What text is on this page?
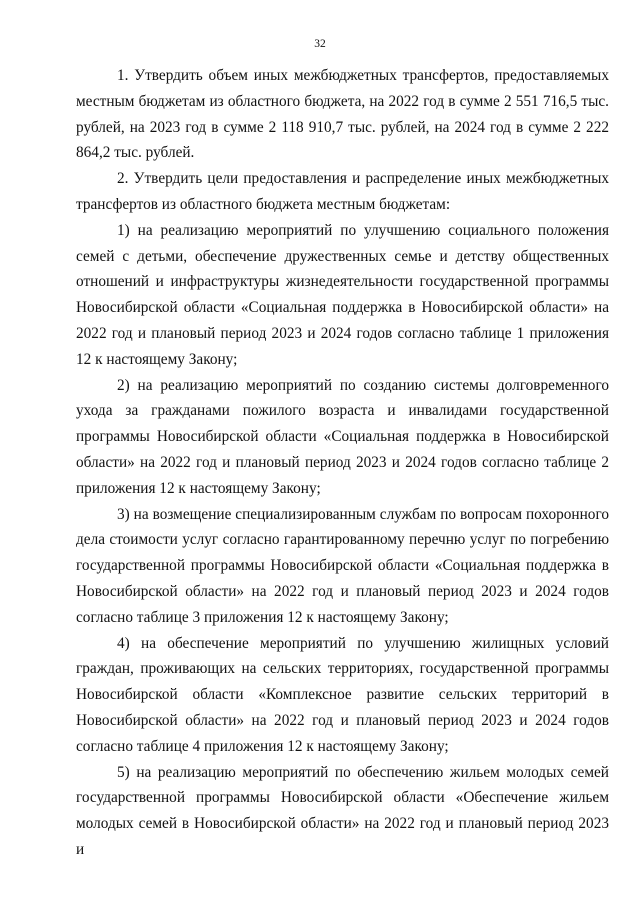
32

1. Утвердить объем иных межбюджетных трансфертов, предоставляемых местным бюджетам из областного бюджета, на 2022 год в сумме 2 551 716,5 тыс. рублей, на 2023 год в сумме 2 118 910,7 тыс. рублей, на 2024 год в сумме 2 222 864,2 тыс. рублей.

2. Утвердить цели предоставления и распределение иных межбюджетных трансфертов из областного бюджета местным бюджетам:

1) на реализацию мероприятий по улучшению социального положения семей с детьми, обеспечение дружественных семье и детству общественных отношений и инфраструктуры жизнедеятельности государственной программы Новосибирской области «Социальная поддержка в Новосибирской области» на 2022 год и плановый период 2023 и 2024 годов согласно таблице 1 приложения 12 к настоящему Закону;

2) на реализацию мероприятий по созданию системы долговременного ухода за гражданами пожилого возраста и инвалидами государственной программы Новосибирской области «Социальная поддержка в Новосибирской области» на 2022 год и плановый период 2023 и 2024 годов согласно таблице 2 приложения 12 к настоящему Закону;

3) на возмещение специализированным службам по вопросам похоронного дела стоимости услуг согласно гарантированному перечню услуг по погребению государственной программы Новосибирской области «Социальная поддержка в Новосибирской области» на 2022 год и плановый период 2023 и 2024 годов согласно таблице 3 приложения 12 к настоящему Закону;

4) на обеспечение мероприятий по улучшению жилищных условий граждан, проживающих на сельских территориях, государственной программы Новосибирской области «Комплексное развитие сельских территорий в Новосибирской области» на 2022 год и плановый период 2023 и 2024 годов согласно таблице 4 приложения 12 к настоящему Закону;

5) на реализацию мероприятий по обеспечению жильем молодых семей государственной программы Новосибирской области «Обеспечение жильем молодых семей в Новосибирской области» на 2022 год и плановый период 2023 и
